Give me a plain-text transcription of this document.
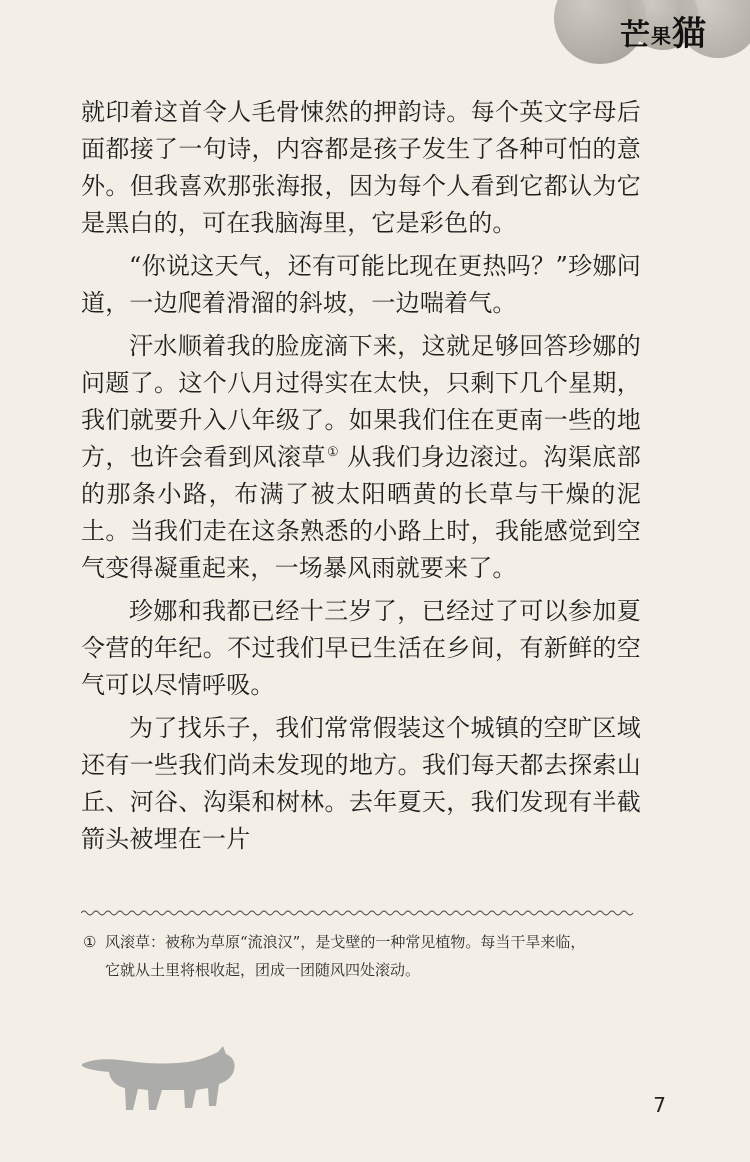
芒 果 猫

就印着这首令人毛骨悚然的押韵诗。每个英文字母后面都接了一句诗，内容都是孩子发生了各种可怕的意外。但我喜欢那张海报，因为每个人看到它都认为它是黑白的，可在我脑海里，它是彩色的。

“你说这天气，还有可能比现在更热吗？”珍娜问道，一边爬着滑溜的斜坡，一边喘着气。

汗水顺着我的脸庞滴下来，这就足够回答珍娜的问题了。这个八月过得实在太快，只剩下几个星期，我们就要升入八年级了。如果我们住在更南一些的地方，也许会看到风滚草① 从我们身边滚过。沟渠底部的那条小路，布满了被太阳晒黄的长草与干燥的泥土。当我们走在这条熟悉的小路上时，我能感觉到空气变得凝重起来，一场暴风雨就要来了。

珍娜和我都已经十三岁了，已经过了可以参加夏令营的年纪。不过我们早已生活在乡间，有新鲜的空气可以尽情呼吸。

为了找乐子，我们常常假装这个城镇的空旷区域还有一些我们尚未发现的地方。我们每天都去探索山丘、河谷、沟渠和树林。去年夏天，我们发现有半截箭头被埋在一片

① 风滚草：被称为草原“流浪汉”，是戈壁的一种常见植物。每当干旱来临，
它就从土里将根收起，团成一团随风四处滚动。

7
